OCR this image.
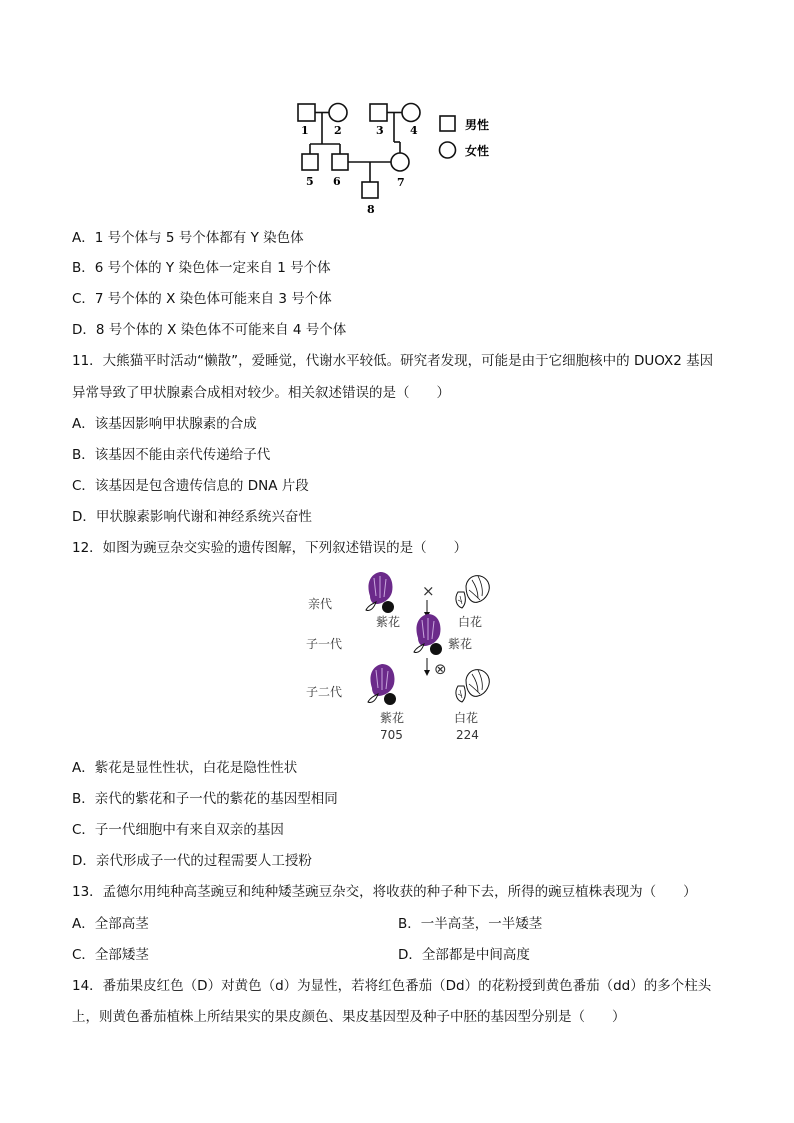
1 2	3 4
5 6	7
8
男性
女性
A．1 号个体与 5 号个体都有 Y 染色体
B．6 号个体的 Y 染色体一定来自 1 号个体
C．7 号个体的 X 染色体可能来自 3 号个体
D．8 号个体的 X 染色体不可能来自 4 号个体
11．大熊猫平时活动“懒散”，爱睡觉，代谢水平较低。研究者发现，可能是由于它细胞核中的 DUOX2 基因
异常导致了甲状腺素合成相对较少。相关叙述错误的是（　　）
A．该基因影响甲状腺素的合成
B．该基因不能由亲代传递给子代
C．该基因是包含遗传信息的 DNA 片段
D．甲状腺素影响代谢和神经系统兴奋性
12．如图为豌豆杂交实验的遗传图解，下列叙述错误的是（　　）
亲代
子一代
子二代
紫花
×
白花
紫花
⊗
紫花
705
白花
224
A．紫花是显性性状，白花是隐性性状
B．亲代的紫花和子一代的紫花的基因型相同
C．子一代细胞中有来自双亲的基因
D．亲代形成子一代的过程需要人工授粉
13．孟德尔用纯种高茎豌豆和纯种矮茎豌豆杂交，将收获的种子种下去，所得的豌豆植株表现为（　　）
A．全部高茎	B．一半高茎，一半矮茎
C．全部矮茎	D．全部都是中间高度
14．番茄果皮红色（D）对黄色（d）为显性，若将红色番茄（Dd）的花粉授到黄色番茄（dd）的多个柱头
上，则黄色番茄植株上所结果实的果皮颜色、果皮基因型及种子中胚的基因型分别是（　　）
